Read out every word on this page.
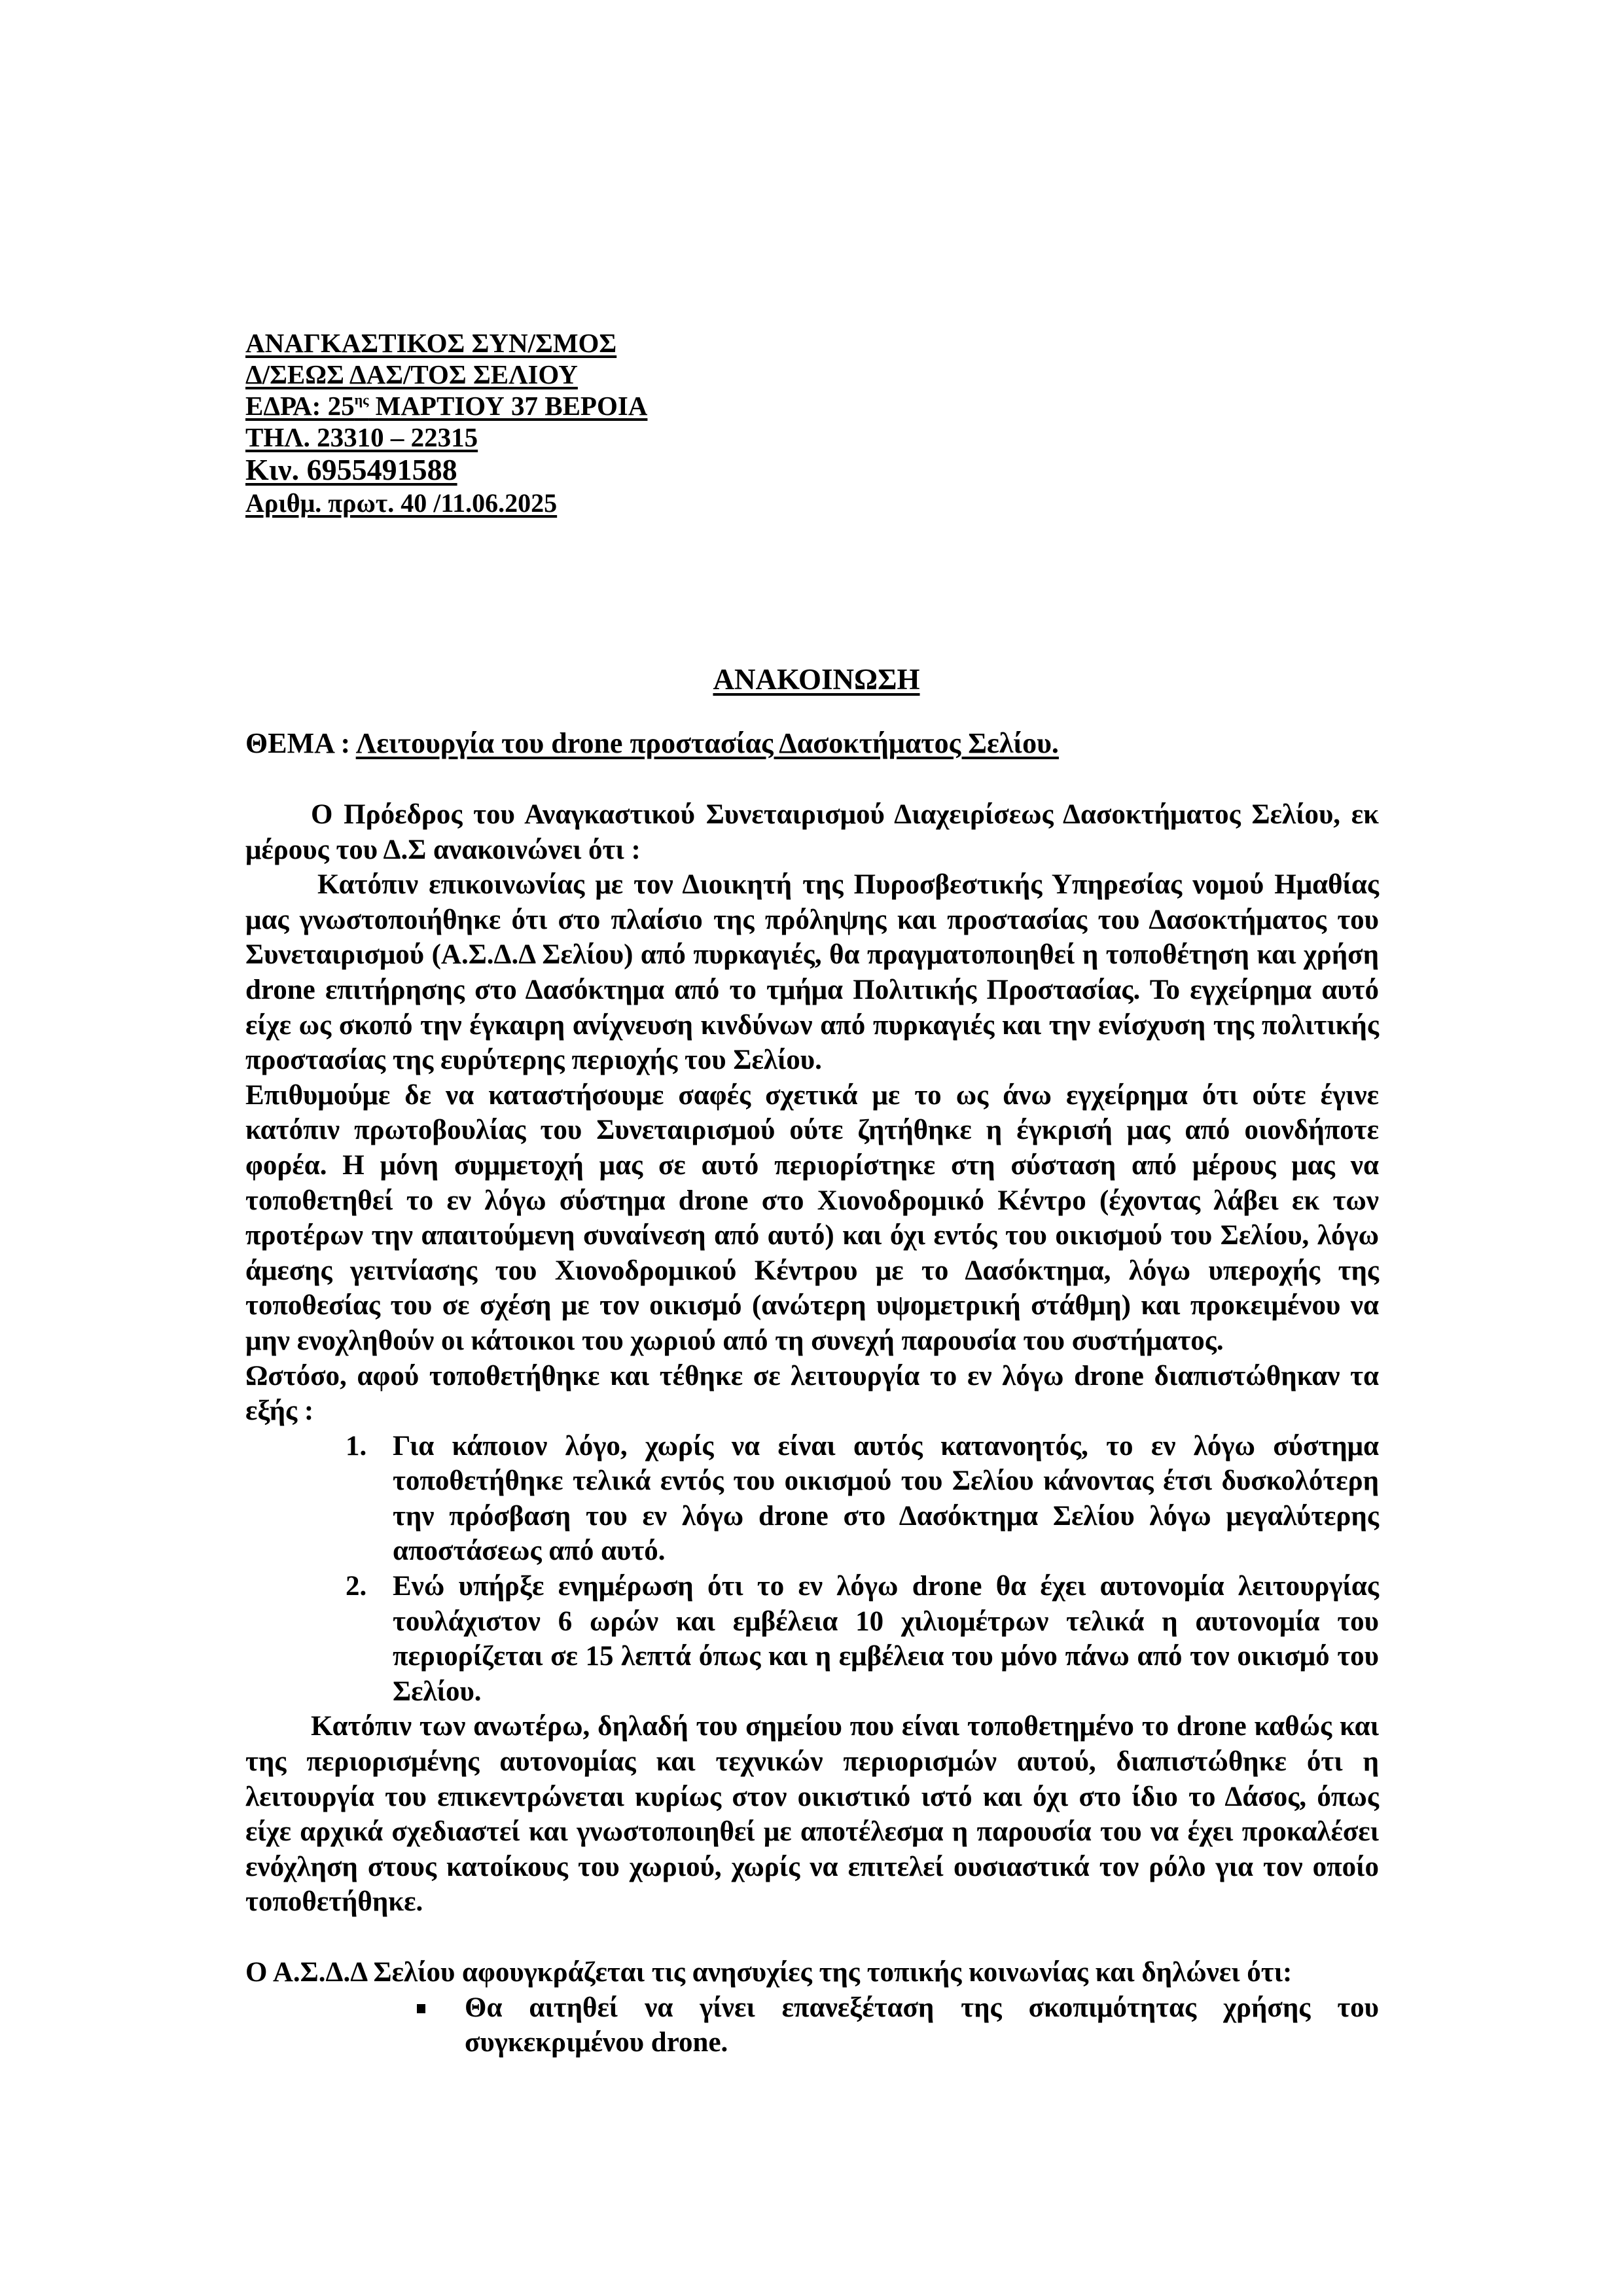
ΑΝΑΓΚΑΣΤΙΚΟΣ ΣΥΝ/ΣΜΟΣ
Δ/ΣΕΩΣ ΔΑΣ/ΤΟΣ ΣΕΛΙΟΥ
ΕΔΡΑ: $25^{\eta\varsigma}$ ΜΑΡΤΙΟΥ 37 ΒΕΡΟΙΑ
ΤΗΛ. 23310 – 22315
Κιν. 6955491588
Αριθμ. πρωτ. 40 /11.06.2025
ΑΝΑΚΟΙΝΩΣΗ
ΘΕΜΑ : Λειτουργία του drone προστασίας Δασοκτήματος Σελίου.

Ο Πρόεδρος του Αναγκαστικού Συνεταιρισμού Διαχειρίσεως Δασοκτήματος Σελίου, εκ μέρους του Δ.Σ ανακοινώνει ότι :

Κατόπιν επικοινωνίας με τον Διοικητή της Πυροσβεστικής Υπηρεσίας νομού Ημαθίας μας γνωστοποιήθηκε ότι στο πλαίσιο της πρόληψης και προστασίας του Δασοκτήματος του Συνεταιρισμού (Α.Σ.Δ.Δ Σελίου) από πυρκαγιές, θα πραγματοποιηθεί η τοποθέτηση και χρήση drone επιτήρησης στο Δασόκτημα από το τμήμα Πολιτικής Προστασίας. Το εγχείρημα αυτό είχε ως σκοπό την έγκαιρη ανίχνευση κινδύνων από πυρκαγιές και την ενίσχυση της πολιτικής προστασίας της ευρύτερης περιοχής του Σελίου.

Επιθυμούμε δε να καταστήσουμε σαφές σχετικά με το ως άνω εγχείρημα ότι ούτε έγινε κατόπιν πρωτοβουλίας του Συνεταιρισμού ούτε ζητήθηκε η έγκρισή μας από οιονδήποτε φορέα. Η μόνη συμμετοχή μας σε αυτό περιορίστηκε στη σύσταση από μέρους μας να τοποθετηθεί το εν λόγω σύστημα drone στο Χιονοδρομικό Κέντρο (έχοντας λάβει εκ των προτέρων την απαιτούμενη συναίνεση από αυτό) και όχι εντός του οικισμού του Σελίου, λόγω άμεσης γειτνίασης του Χιονοδρομικού Κέντρου με το Δασόκτημα, λόγω υπεροχής της τοποθεσίας του σε σχέση με τον οικισμό (ανώτερη υψομετρική στάθμη) και προκειμένου να μην ενοχληθούν οι κάτοικοι του χωριού από τη συνεχή παρουσία του συστήματος.

Ωστόσο, αφού τοποθετήθηκε και τέθηκε σε λειτουργία το εν λόγω drone διαπιστώθηκαν τα εξής :

1. Για κάποιον λόγο, χωρίς να είναι αυτός κατανοητός, το εν λόγω σύστημα τοποθετήθηκε τελικά εντός του οικισμού του Σελίου κάνοντας έτσι δυσκολότερη την πρόσβαση του εν λόγω drone στο Δασόκτημα Σελίου λόγω μεγαλύτερης αποστάσεως από αυτό.
2. Ενώ υπήρξε ενημέρωση ότι το εν λόγω drone θα έχει αυτονομία λειτουργίας τουλάχιστον 6 ωρών και εμβέλεια 10 χιλιομέτρων τελικά η αυτονομία του περιορίζεται σε 15 λεπτά όπως και η εμβέλεια του μόνο πάνω από τον οικισμό του Σελίου.

Κατόπιν των ανωτέρω, δηλαδή του σημείου που είναι τοποθετημένο το drone καθώς και της περιορισμένης αυτονομίας και τεχνικών περιορισμών αυτού, διαπιστώθηκε ότι η λειτουργία του επικεντρώνεται κυρίως στον οικιστικό ιστό και όχι στο ίδιο το Δάσος, όπως είχε αρχικά σχεδιαστεί και γνωστοποιηθεί με αποτέλεσμα η παρουσία του να έχει προκαλέσει ενόχληση στους κατοίκους του χωριού, χωρίς να επιτελεί ουσιαστικά τον ρόλο για τον οποίο τοποθετήθηκε.

Ο Α.Σ.Δ.Δ Σελίου αφουγκράζεται τις ανησυχίες της τοπικής κοινωνίας και δηλώνει ότι:

Θα αιτηθεί να γίνει επανεξέταση της σκοπιμότητας χρήσης του συγκεκριμένου drone.
